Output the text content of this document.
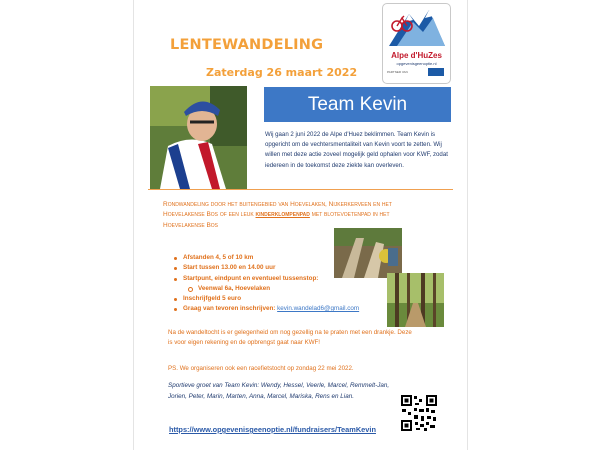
LENTEWANDELING
Zaterdag 26 maart 2022
Alpe d'HuZes
opgevenisgeenoptie.nl
PARTNER VAN
Team Kevin
Wij gaan 2 juni 2022 de Alpe d'Huez beklimmen. Team Kevin is opgericht om de vechtersmentaliteit van Kevin voort te zetten. Wij willen met deze actie zoveel mogelijk geld ophalen voor KWF, zodat iedereen in de toekomst deze ziekte kan overleven.
Rondwandeling door het buitengebied van Hoevelaken, Nijkerkerveen en het Hoevelakense Bos of een leuk kinderklompenpad met blotevoetenpad in het Hoevelakense Bos
Afstanden 4, 5 of 10 km
Start tussen 13.00 en 14.00 uur
Startpunt, eindpunt en eventueel tussenstop:
Veenwal 6a, Hoevelaken
Inschrijfgeld 5 euro
Graag van tevoren inschrijven: kevin.wandelad6@gmail.com
Na de wandeltocht is er gelegenheid om nog gezellig na te praten met een drankje. Deze is voor eigen rekening en de opbrengst gaat naar KWF!
PS. We organiseren ook een racefietstocht op zondag 22 mei 2022.
Sportieve groet van Team Kevin: Wendy, Hessel, Veerle, Marcel, Remmelt-Jan, Jorien, Peter, Marin, Marten, Anna, Marcel, Mariska, Rens en Lian.
https://www.opgevenisgeenoptie.nl/fundraisers/TeamKevin
